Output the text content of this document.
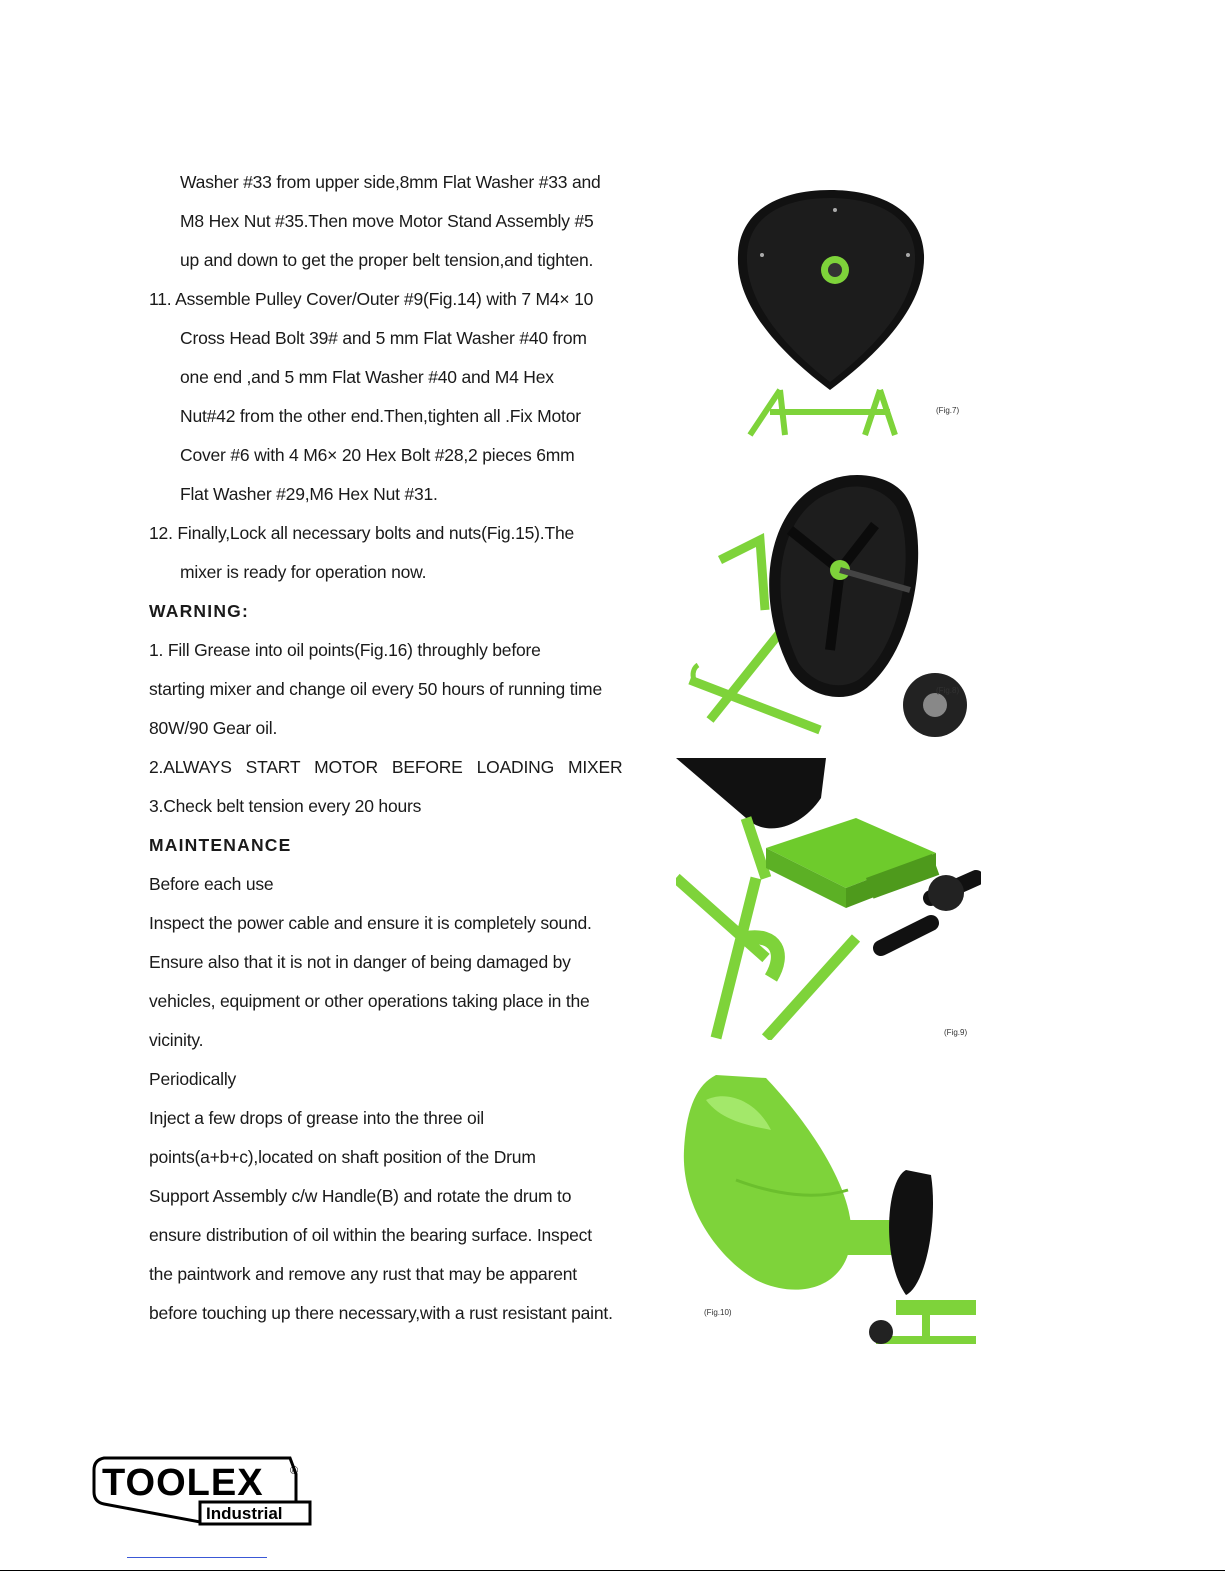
Washer #33 from upper side,8mm Flat Washer #33 and
M8 Hex Nut #35.Then move Motor Stand Assembly #5
up and down to get the proper belt tension,and tighten.
11. Assemble Pulley Cover/Outer #9(Fig.14) with 7 M4× 10
Cross Head Bolt 39# and 5 mm Flat Washer #40 from
one end ,and 5 mm Flat Washer #40 and M4 Hex
Nut#42 from the other end.Then,tighten all .Fix Motor
Cover #6 with 4 M6× 20 Hex Bolt #28,2 pieces 6mm
Flat Washer #29,M6 Hex Nut #31.
12. Finally,Lock all necessary bolts and nuts(Fig.15).The
mixer is ready for operation now.
WARNING:
1. Fill Grease into oil points(Fig.16) throughly before
starting mixer and change oil every 50 hours of running time
80W/90 Gear oil.
2.ALWAYS   START   MOTOR   BEFORE   LOADING   MIXER
3.Check belt tension every 20 hours
MAINTENANCE
Before each use
Inspect the power cable and ensure it is completely sound.
Ensure also that it is not in danger of being damaged by
vehicles, equipment or other operations taking place in the
vicinity.
Periodically
Inject a few drops of grease into the three oil
points(a+b+c),located on shaft position of the Drum
Support Assembly c/w Handle(B) and rotate the drum to
ensure distribution of oil within the bearing surface. Inspect
the paintwork and remove any rust that may be apparent
before touching up there necessary,with a rust resistant paint.
(Fig.7)
(Fig.8)
(Fig.9)
(Fig.10)
TOOLEX ®
Industrial
